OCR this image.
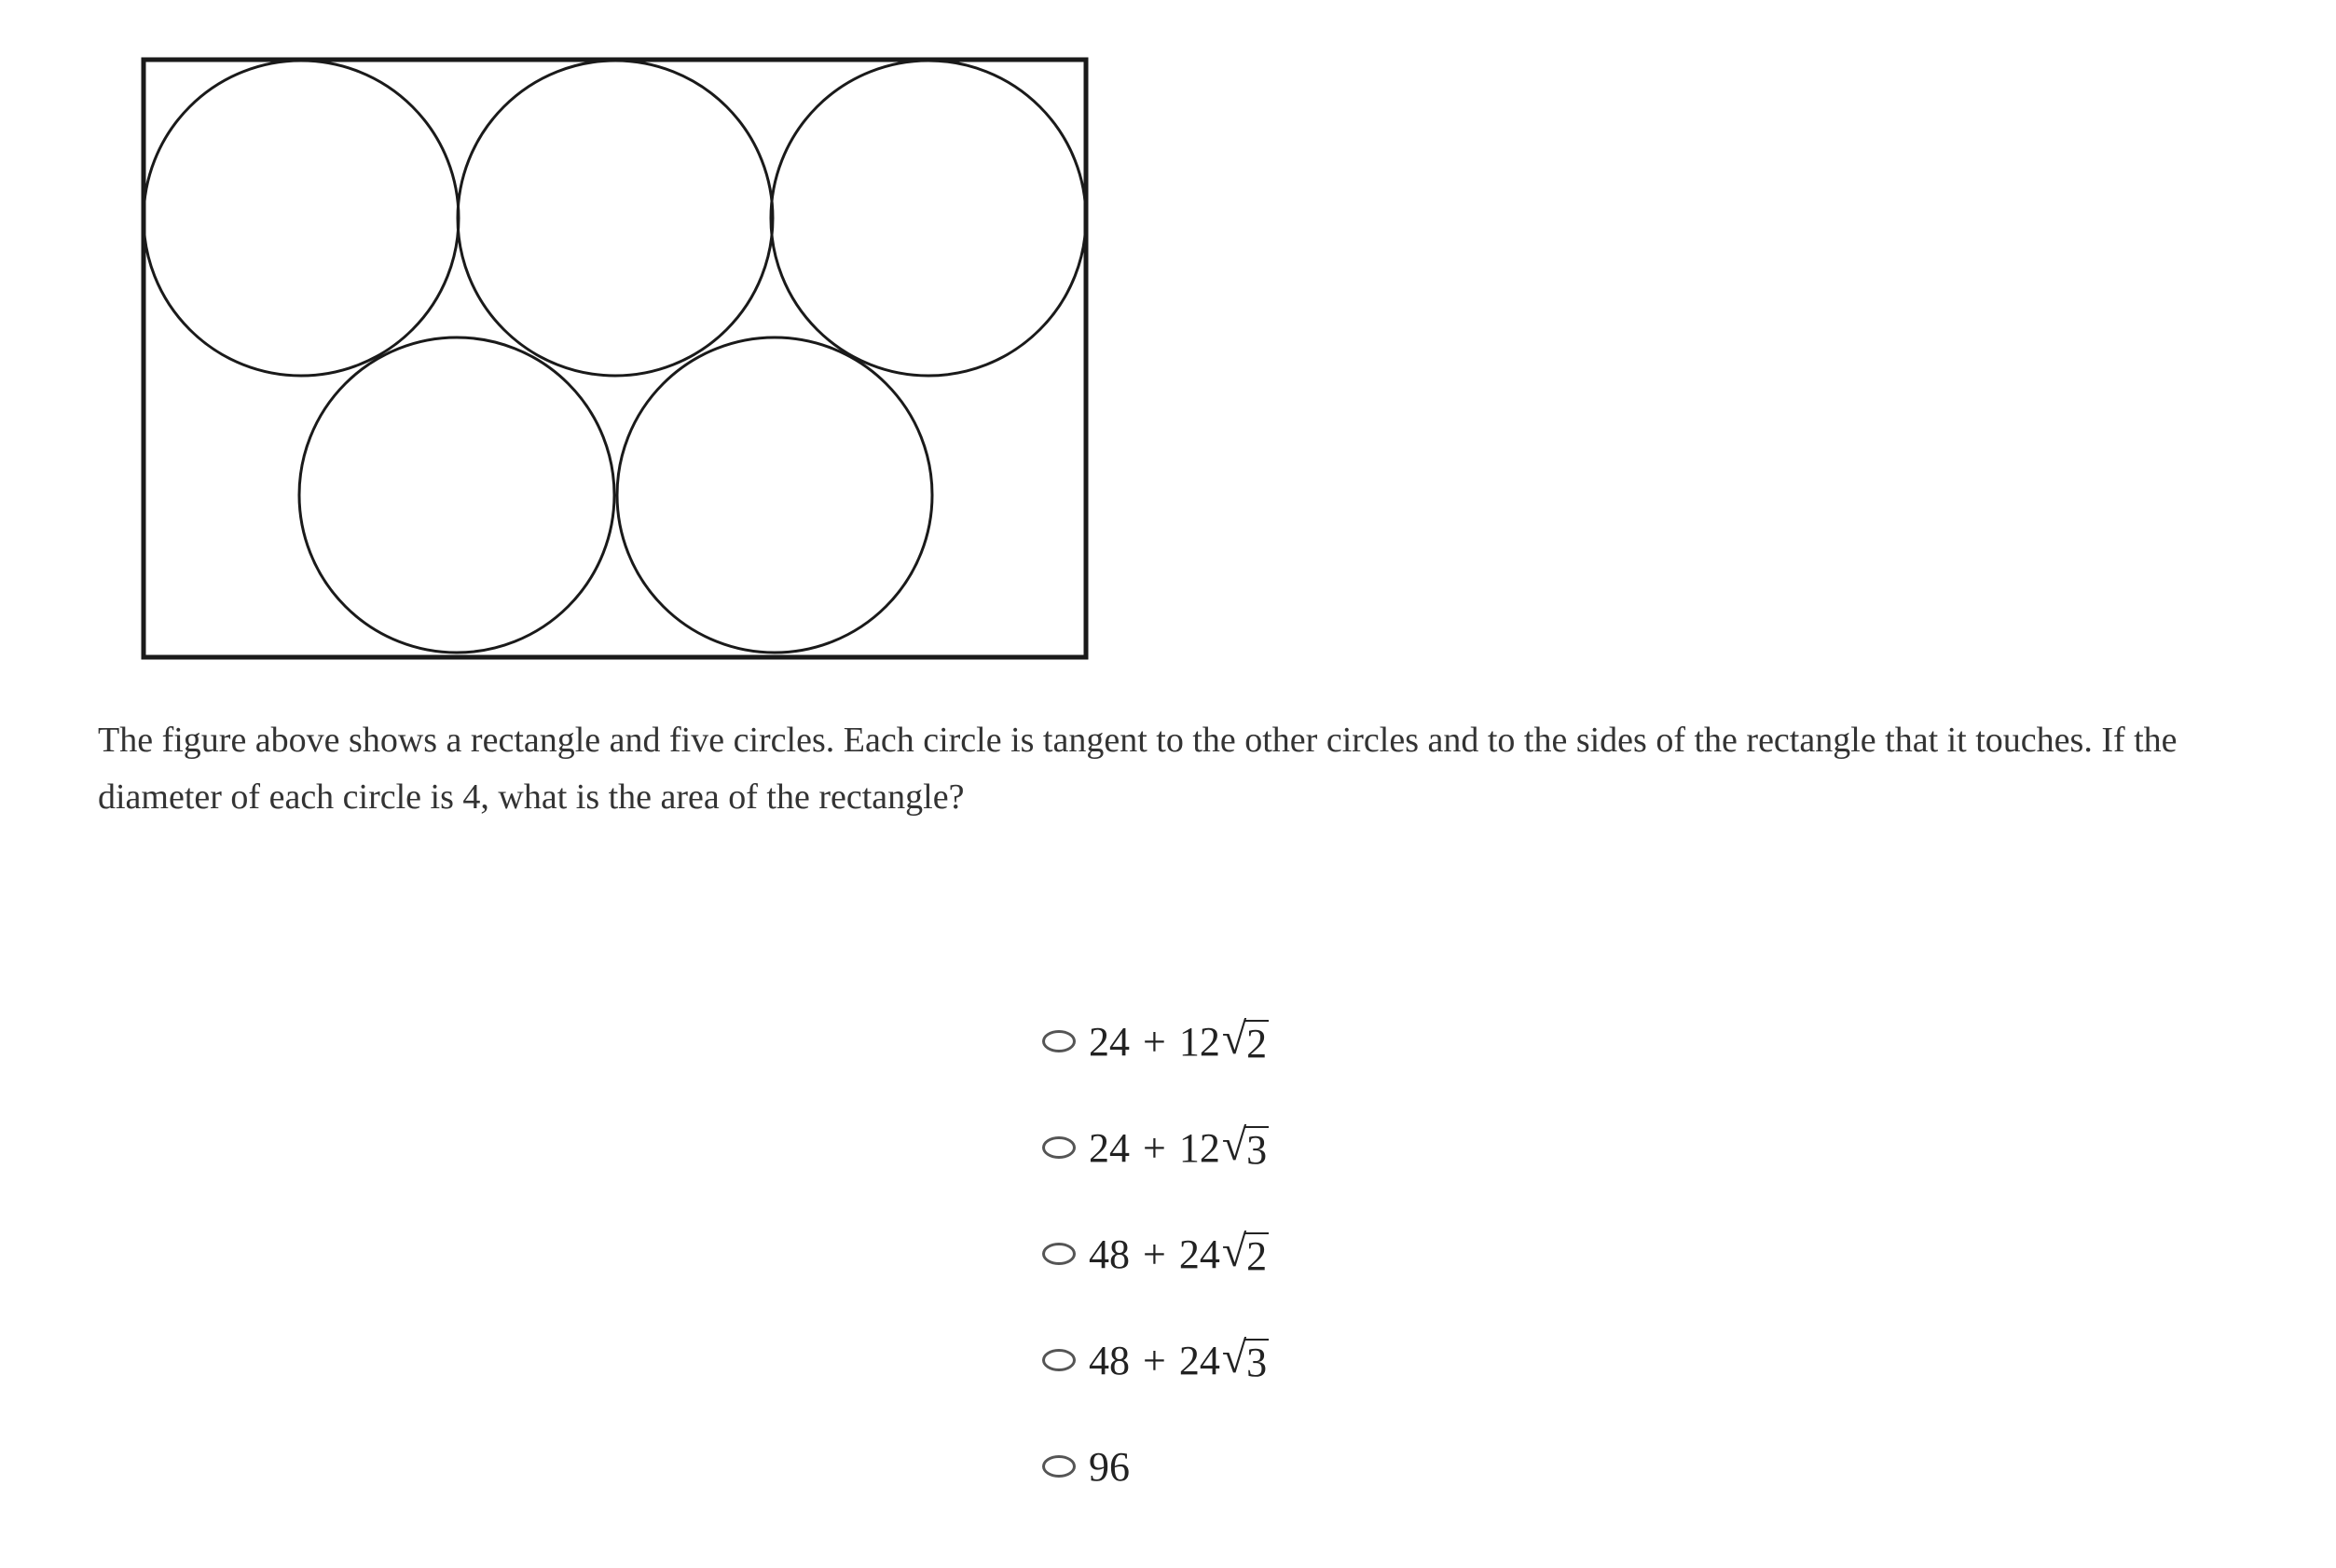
The figure above shows a rectangle and five circles. Each circle is tangent to the other circles and to the sides of the rectangle that it touches. If the diameter of each circle is 4, what is the area of the rectangle?
24 + 12 √ 2
24 + 12 √ 3
48 + 24 √ 2
48 + 24 √ 3
96
